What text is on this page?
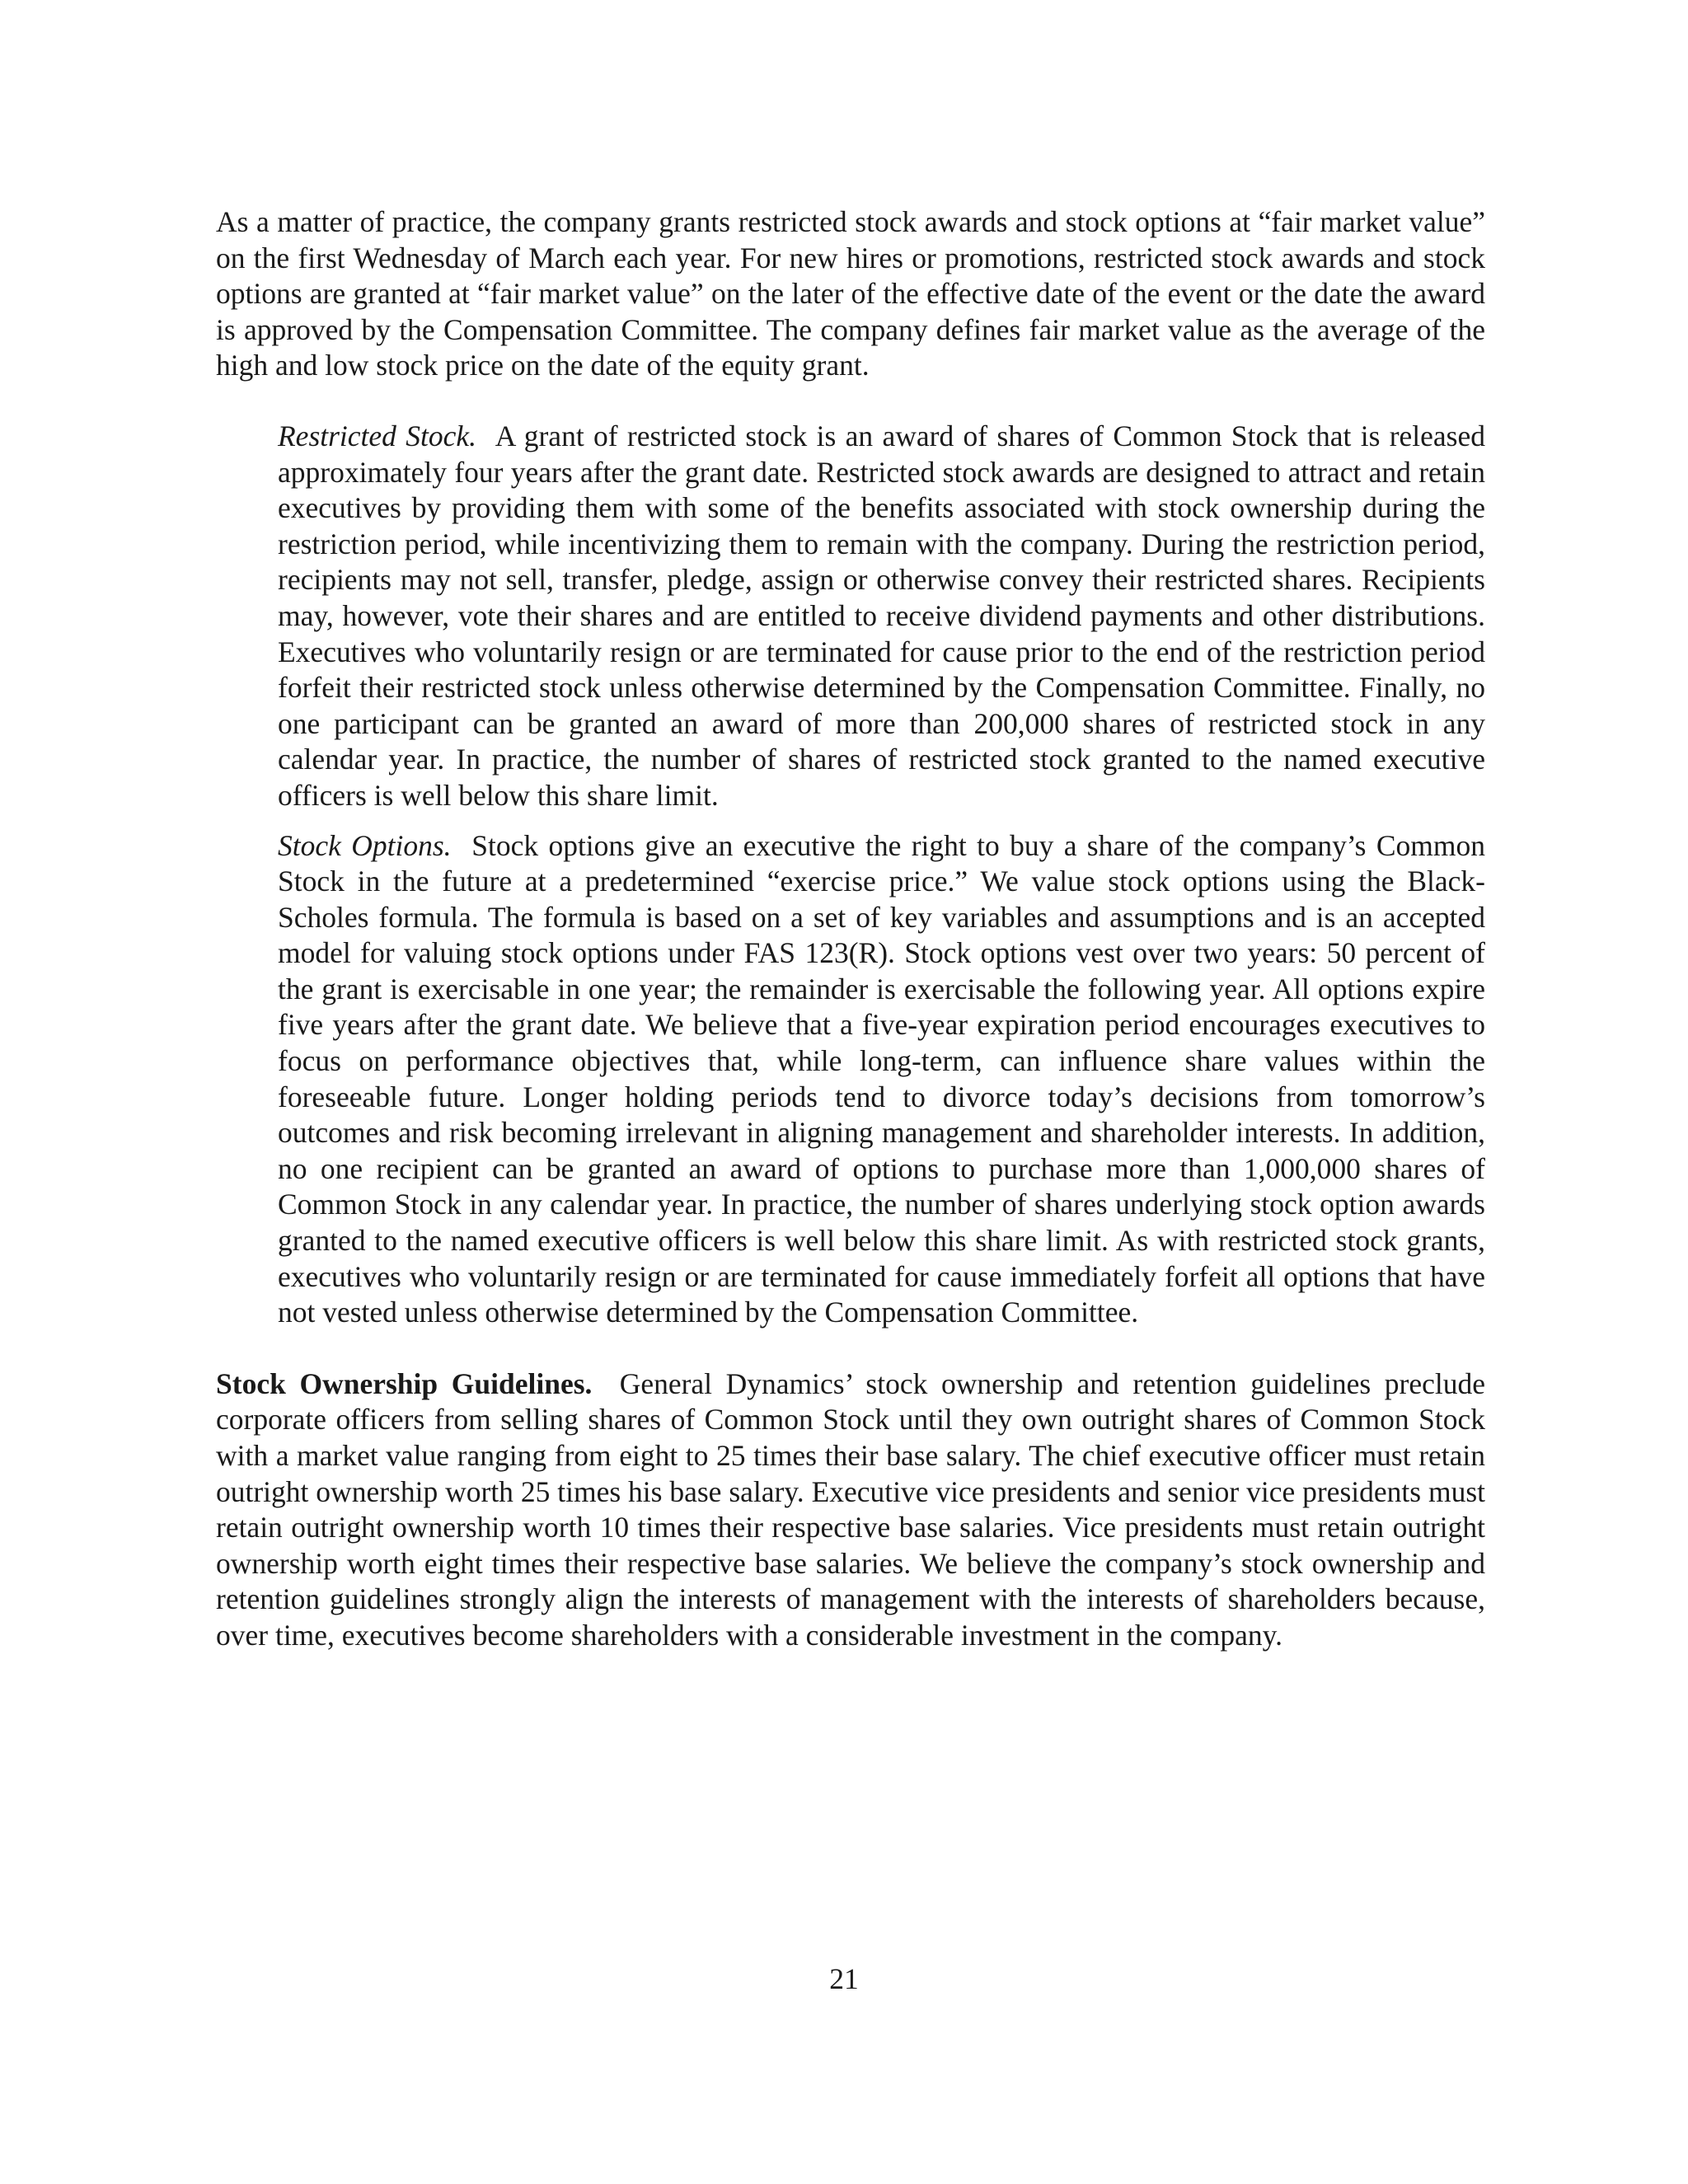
As a matter of practice, the company grants restricted stock awards and stock options at “fair market value” on the first Wednesday of March each year. For new hires or promotions, restricted stock awards and stock options are granted at “fair market value” on the later of the effective date of the event or the date the award is approved by the Compensation Committee. The company defines fair market value as the average of the high and low stock price on the date of the equity grant.

Restricted Stock. A grant of restricted stock is an award of shares of Common Stock that is released approximately four years after the grant date. Restricted stock awards are designed to attract and retain executives by providing them with some of the benefits associated with stock ownership during the restriction period, while incentivizing them to remain with the company. During the restriction period, recipients may not sell, transfer, pledge, assign or otherwise convey their restricted shares. Recipients may, however, vote their shares and are entitled to receive dividend payments and other distributions. Executives who voluntarily resign or are terminated for cause prior to the end of the restriction period forfeit their restricted stock unless otherwise determined by the Compensation Committee. Finally, no one participant can be granted an award of more than 200,000 shares of restricted stock in any calendar year. In practice, the number of shares of restricted stock granted to the named executive officers is well below this share limit.

Stock Options. Stock options give an executive the right to buy a share of the company’s Common Stock in the future at a predetermined “exercise price.” We value stock options using the Black-Scholes formula. The formula is based on a set of key variables and assumptions and is an accepted model for valuing stock options under FAS 123(R). Stock options vest over two years: 50 percent of the grant is exercisable in one year; the remainder is exercisable the following year. All options expire five years after the grant date. We believe that a five-year expiration period encourages executives to focus on performance objectives that, while long-term, can influence share values within the foreseeable future. Longer holding periods tend to divorce today’s decisions from tomorrow’s outcomes and risk becoming irrelevant in aligning management and shareholder interests. In addition, no one recipient can be granted an award of options to purchase more than 1,000,000 shares of Common Stock in any calendar year. In practice, the number of shares underlying stock option awards granted to the named executive officers is well below this share limit. As with restricted stock grants, executives who voluntarily resign or are terminated for cause immediately forfeit all options that have not vested unless otherwise determined by the Compensation Committee.

Stock Ownership Guidelines. General Dynamics’ stock ownership and retention guidelines preclude corporate officers from selling shares of Common Stock until they own outright shares of Common Stock with a market value ranging from eight to 25 times their base salary. The chief executive officer must retain outright ownership worth 25 times his base salary. Executive vice presidents and senior vice presidents must retain outright ownership worth 10 times their respective base salaries. Vice presidents must retain outright ownership worth eight times their respective base salaries. We believe the company’s stock ownership and retention guidelines strongly align the interests of management with the interests of shareholders because, over time, executives become shareholders with a considerable investment in the company.

21
